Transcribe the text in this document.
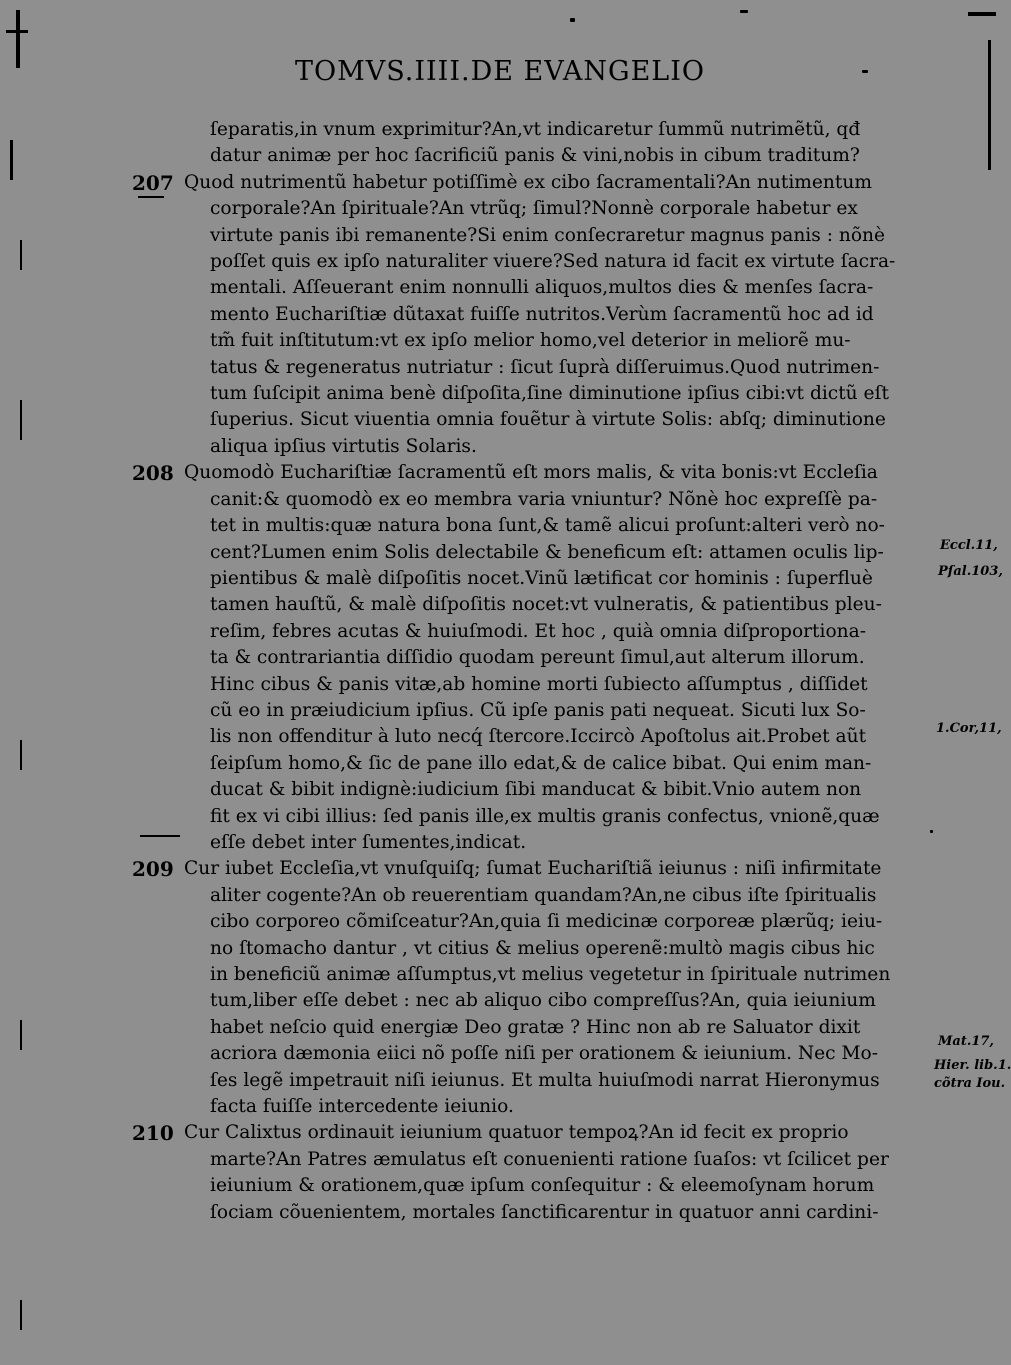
TOMVS.IIII.DE EVANGELIO

ſeparatis,in vnum exprimitur?An,vt indicaretur ſummũ nutrimẽtũ, qđ

datur animæ per hoc ſacrificiũ panis & vini,nobis in cibum traditum?

207 Quod nutrimentũ habetur potiſſimè ex cibo ſacramentali?An nutimentum

corporale?An ſpirituale?An vtrũq; ſimul?Nonnè corporale habetur ex

virtute panis ibi remanente?Si enim conſecraretur magnus panis : nõnè

poſſet quis ex ipſo naturaliter viuere?Sed natura id facit ex virtute ſacra-

mentali. Aſſeuerant enim nonnulli aliquos,multos dies & menſes ſacra-

mento Euchariſtiæ dũtaxat fuiſſe nutritos.Verùm ſacramentũ hoc ad id

tm̃ fuit inſtitutum:vt ex ipſo melior homo,vel deterior in meliorẽ mu-

tatus & regeneratus nutriatur : ſicut ſuprà diſſeruimus.Quod nutrimen-

tum ſuſcipit anima benè diſpoſita,ſine diminutione ipſius cibi:vt dictũ eſt

ſuperius. Sicut viuentia omnia fouẽtur à virtute Solis: abſq; diminutione

aliqua ipſius virtutis Solaris.

208 Quomodò Euchariſtiæ ſacramentũ eſt mors malis, & vita bonis:vt Eccleſia

canit:& quomodò ex eo membra varia vniuntur? Nõnè hoc expreſſè pa-

tet in multis:quæ natura bona ſunt,& tamẽ alicui proſunt:alteri verò no-

cent?Lumen enim Solis delectabile & beneficum eſt: attamen oculis lip-

pientibus & malè diſpoſitis nocet.Vinũ lætificat cor hominis : ſuperfluè

tamen hauſtũ, & malè diſpoſitis nocet:vt vulneratis, & patientibus pleu-

reſim, febres acutas & huiuſmodi. Et hoc , quià omnia diſproportiona-

ta & contrariantia diſſidio quodam pereunt ſimul,aut alterum illorum.

Hinc cibus & panis vitæ,ab homine morti ſubiecto aſſumptus , diſſidet

cũ eo in præiudicium ipſius. Cũ ipſe panis pati nequeat. Sicuti lux So-

lis non offenditur à luto necq́ ſtercore.Iccircò Apoſtolus ait.Probet aũt

ſeipſum homo,& ſic de pane illo edat,& de calice bibat. Qui enim man-

ducat & bibit indignè:iudicium ſibi manducat & bibit.Vnio autem non

fit ex vi cibi illius: ſed panis ille,ex multis granis confectus, vnionẽ,quæ

eſſe debet inter ſumentes,indicat.

209 Cur iubet Eccleſia,vt vnuſquiſq; ſumat Euchariſtiã ieiunus : niſi infirmitate

aliter cogente?An ob reuerentiam quandam?An,ne cibus iſte ſpiritualis

cibo corporeo cõmiſceatur?An,quia ſi medicinæ corporeæ plærũq; ieiu-

no ſtomacho dantur , vt citius & melius operenẽ:multò magis cibus hic

in beneficiũ animæ aſſumptus,vt melius vegetetur in ſpirituale nutrimen

tum,liber eſſe debet : nec ab aliquo cibo compreſſus?An, quia ieiunium

habet neſcio quid energiæ Deo gratæ ? Hinc non ab re Saluator dixit

acriora dæmonia eiici nõ poſſe niſi per orationem & ieiunium. Nec Mo-

ſes legẽ impetrauit niſi ieiunus. Et multa huiuſmodi narrat Hieronymus

facta fuiſſe intercedente ieiunio.

210 Cur Calixtus ordinauit ieiunium quatuor tempoꝝ?An id fecit ex proprio

marte?An Patres æmulatus eſt conuenienti ratione ſuaſos: vt ſcilicet per

ieiunium & orationem,quæ ipſum conſequitur : & eleemoſynam horum

ſociam cõuenientem, mortales ſanctificarentur in quatuor anni cardini-

Eccl.11,
Pſal.103,
1.Cor,11,
Mat.17,
Hier. lib.1.
cõtra Iou.
